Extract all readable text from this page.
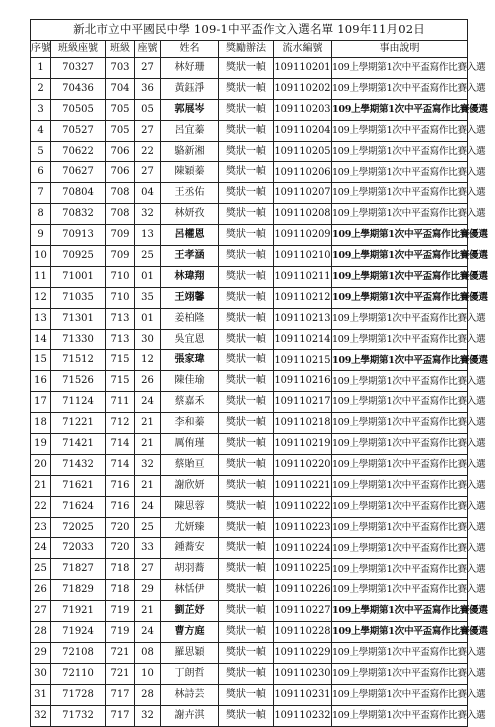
新北市立中平國民中學 109-1中平盃作文入選名單 109年11月02日							
序號	班級座號	班級	座號	姓名	獎勵辦法	流水編號	事由說明
1	70327	703	27	林好珊	獎狀一幀	109110201	109上學期第1次中平盃寫作比賽入選
2	70436	704	36	黃鈺淨	獎狀一幀	109110202	109上學期第1次中平盃寫作比賽入選
3	70505	705	05	郭展岑	獎狀一幀	109110203	109上學期第1次中平盃寫作比賽優選
4	70527	705	27	呂宜蓁	獎狀一幀	109110204	109上學期第1次中平盃寫作比賽入選
5	70622	706	22	駱新湘	獎狀一幀	109110205	109上學期第1次中平盃寫作比賽入選
6	70627	706	27	陳穎蓁	獎狀一幀	109110206	109上學期第1次中平盃寫作比賽入選
7	70804	708	04	王丞佑	獎狀一幀	109110207	109上學期第1次中平盃寫作比賽入選
8	70832	708	32	林妍孜	獎狀一幀	109110208	109上學期第1次中平盃寫作比賽入選
9	70913	709	13	呂權恩	獎狀一幀	109110209	109上學期第1次中平盃寫作比賽優選
10	70925	709	25	王孝涵	獎狀一幀	109110210	109上學期第1次中平盃寫作比賽優選
11	71001	710	01	林瑋翔	獎狀一幀	109110211	109上學期第1次中平盃寫作比賽優選
12	71035	710	35	王翊馨	獎狀一幀	109110212	109上學期第1次中平盃寫作比賽優選
13	71301	713	01	姜柏隆	獎狀一幀	109110213	109上學期第1次中平盃寫作比賽入選
14	71330	713	30	吳宜恩	獎狀一幀	109110214	109上學期第1次中平盃寫作比賽入選
15	71512	715	12	張家瑋	獎狀一幀	109110215	109上學期第1次中平盃寫作比賽優選
16	71526	715	26	陳佳瑜	獎狀一幀	109110216	109上學期第1次中平盃寫作比賽入選
17	71124	711	24	蔡嘉禾	獎狀一幀	109110217	109上學期第1次中平盃寫作比賽入選
18	71221	712	21	李和蓁	獎狀一幀	109110218	109上學期第1次中平盃寫作比賽入選
19	71421	714	21	厲侑瑾	獎狀一幀	109110219	109上學期第1次中平盃寫作比賽入選
20	71432	714	32	蔡貽亘	獎狀一幀	109110220	109上學期第1次中平盃寫作比賽入選
21	71621	716	21	謝欣妍	獎狀一幀	109110221	109上學期第1次中平盃寫作比賽入選
22	71624	716	24	陳思蓉	獎狀一幀	109110222	109上學期第1次中平盃寫作比賽入選
23	72025	720	25	尤妍臻	獎狀一幀	109110223	109上學期第1次中平盃寫作比賽入選
24	72033	720	33	鍾蕎安	獎狀一幀	109110224	109上學期第1次中平盃寫作比賽入選
25	71827	718	27	胡羽蕎	獎狀一幀	109110225	109上學期第1次中平盃寫作比賽入選
26	71829	718	29	林恬伊	獎狀一幀	109110226	109上學期第1次中平盃寫作比賽入選
27	71921	719	21	劉芷妤	獎狀一幀	109110227	109上學期第1次中平盃寫作比賽優選
28	71924	719	24	曹方庭	獎狀一幀	109110228	109上學期第1次中平盃寫作比賽優選
29	72108	721	08	羅思穎	獎狀一幀	109110229	109上學期第1次中平盃寫作比賽入選
30	72110	721	10	丁朗哲	獎狀一幀	109110230	109上學期第1次中平盃寫作比賽入選
31	71728	717	28	林詩芸	獎狀一幀	109110231	109上學期第1次中平盃寫作比賽入選
32	71732	717	32	謝卉淇	獎狀一幀	109110232	109上學期第1次中平盃寫作比賽入選
